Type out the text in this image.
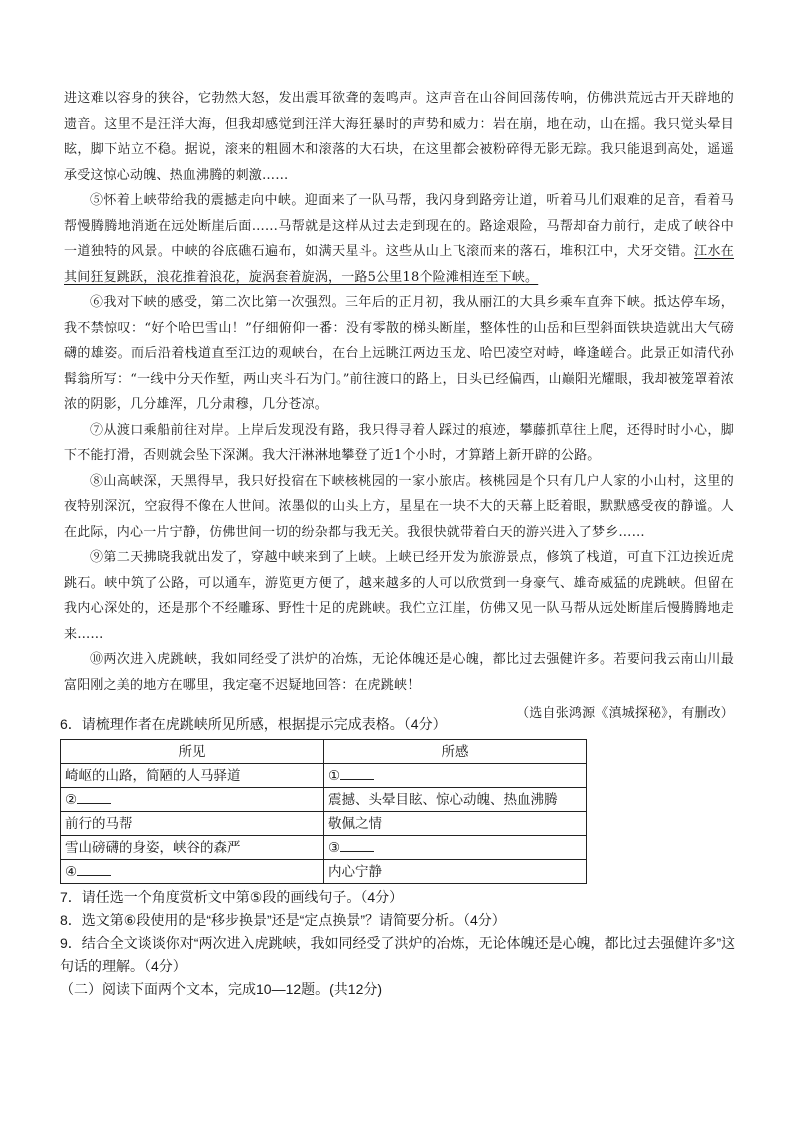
进这难以容身的狭谷，它勃然大怒，发出震耳欲聋的轰鸣声。这声音在山谷间回荡传响，仿佛洪荒远古开天辟地的遗音。这里不是汪洋大海，但我却感觉到汪洋大海狂暴时的声势和威力：岩在崩，地在动，山在摇。我只觉头晕目眩，脚下站立不稳。据说，滚来的粗圆木和滚落的大石块，在这里都会被粉碎得无影无踪。我只能退到高处，遥遥承受这惊心动魄、热血沸腾的刺激……

⑤怀着上峡带给我的震撼走向中峡。迎面来了一队马帮，我闪身到路旁让道，听着马儿们艰难的足音，看着马帮慢腾腾地消逝在远处断崖后面……马帮就是这样从过去走到现在的。路途艰险，马帮却奋力前行，走成了峡谷中一道独特的风景。中峡的谷底礁石遍布，如满天星斗。这些从山上飞滚而来的落石，堆积江中，犬牙交错。江水在其间狂复跳跃，浪花推着浪花，旋涡套着旋涡，一路5公里18个险滩相连至下峡。

⑥我对下峡的感受，第二次比第一次强烈。三年后的正月初，我从丽江的大具乡乘车直奔下峡。抵达停车场，我不禁惊叹：“好个哈巴雪山！”仔细俯仰一番：没有零散的梯头断崖，整体性的山岳和巨型斜面铁块造就出大气磅礴的雄姿。而后沿着栈道直至江边的观峡台，在台上远眺江两边玉龙、哈巴凌空对峙，峰逢嵯合。此景正如清代孙髯翁所写：“一线中分天作堑，两山夹斗石为门。”前往渡口的路上，日头已经偏西，山巅阳光耀眼，我却被笼罩着浓浓的阴影，几分雄浑，几分肃穆，几分苍凉。

⑦从渡口乘船前往对岸。上岸后发现没有路，我只得寻着人踩过的痕迹，攀藤抓草往上爬，还得时时小心，脚下不能打滑，否则就会坠下深渊。我大汗淋淋地攀登了近1个小时，才算踏上新开辟的公路。

⑧山高峡深，天黑得早，我只好投宿在下峡核桃园的一家小旅店。核桃园是个只有几户人家的小山村，这里的夜特别深沉，空寂得不像在人世间。浓墨似的山头上方，星星在一块不大的天幕上眨着眼，默默感受夜的静谧。人在此际，内心一片宁静，仿佛世间一切的纷杂都与我无关。我很快就带着白天的游兴进入了梦乡……

⑨第二天拂晓我就出发了，穿越中峡来到了上峡。上峡已经开发为旅游景点，修筑了栈道，可直下江边挨近虎跳石。峡中筑了公路，可以通车，游览更方便了，越来越多的人可以欣赏到一身豪气、雄奇威猛的虎跳峡。但留在我内心深处的，还是那个不经雕琢、野性十足的虎跳峡。我伫立江崖，仿佛又见一队马帮从远处断崖后慢腾腾地走来……

⑩两次进入虎跳峡，我如同经受了洪炉的冶炼，无论体魄还是心魄，都比过去强健许多。若要问我云南山川最富阳刚之美的地方在哪里，我定毫不迟疑地回答：在虎跳峡！

（选自张鸿源《滇城探秘》，有删改）

6．请梳理作者在虎跳峡所见所感，根据提示完成表格。（4分）

所见	所感
崎岖的山路，简陋的人马驿道	①
②	震撼、头晕目眩、惊心动魄、热血沸腾
前行的马帮	敬佩之情
雪山磅礴的身姿，峡谷的森严	③
④	内心宁静

7．请任选一个角度赏析文中第⑤段的画线句子。（4分）

8．选文第⑥段使用的是“移步换景”还是“定点换景”？请简要分析。（4分）

9．结合全文谈谈你对“两次进入虎跳峡，我如同经受了洪炉的冶炼，无论体魄还是心魄，都比过去强健许多”这句话的理解。（4分）

（二）阅读下面两个文本，完成10—12题。(共12分)
